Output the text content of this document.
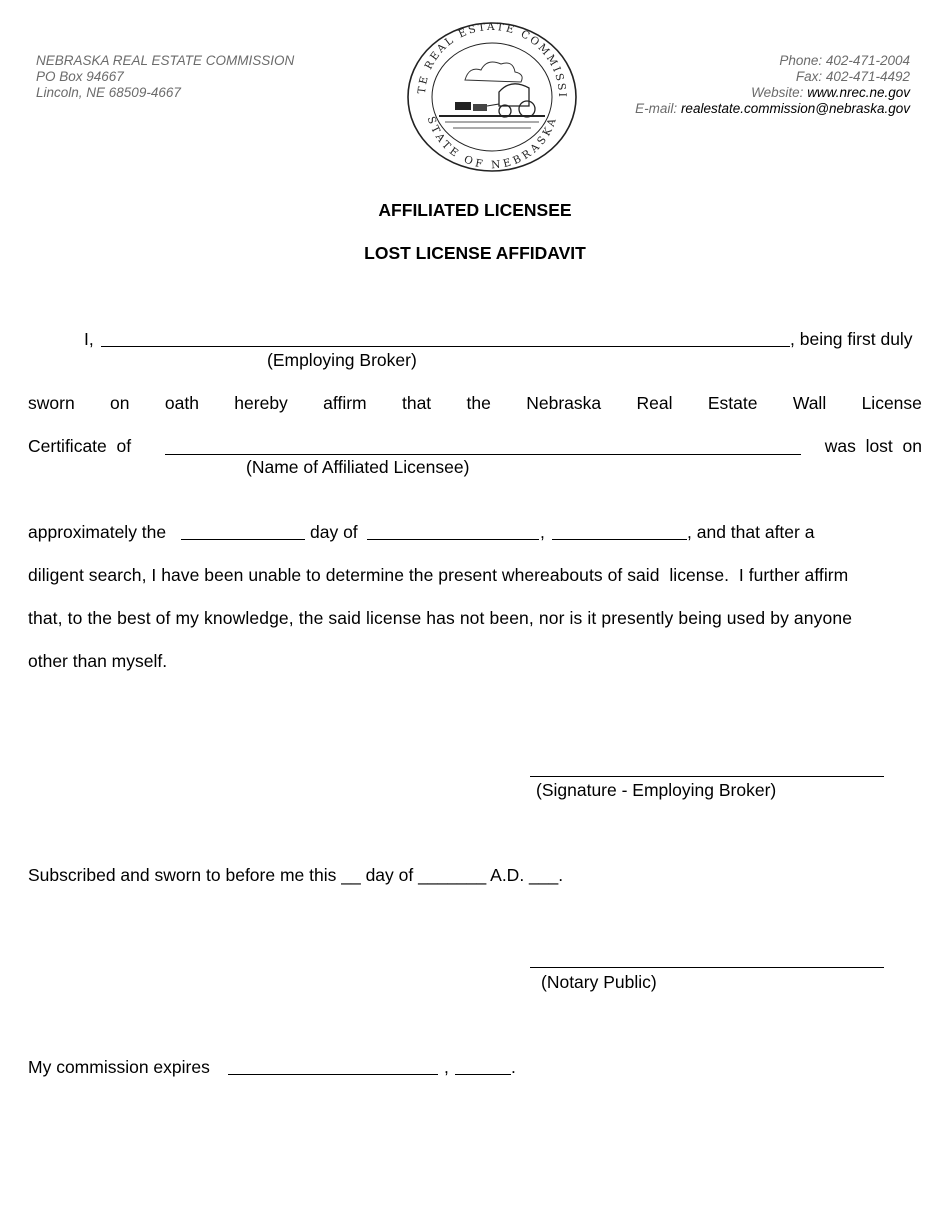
NEBRASKA REAL ESTATE COMMISSION
PO Box 94667
Lincoln, NE 68509-4667	TE REAL ESTATE COMMISSI
STATE OF NEBRASKA
Phone: 402-471-2004
Fax: 402-471-4492
Website: www.nrec.ne.gov
E-mail: realestate.commission@nebraska.gov
AFFILIATED LICENSEE
LOST LICENSE AFFIDAVIT
I,	, being first duly
(Employing Broker)
sworn on oath hereby affirm that the Nebraska Real Estate Wall License
Certificate  of	was  lost  on
(Name of Affiliated Licensee)
approximately the	day of	,	, and that after a
diligent search, I have been unable to determine the present whereabouts of said  license.  I further affirm
that, to the best of my knowledge, the said license has not been, nor is it presently being used by anyone
other than myself.
(Signature - Employing Broker)
Subscribed and sworn to before me this __ day of _______ A.D. ___.
(Notary Public)
My commission expires	,	.
